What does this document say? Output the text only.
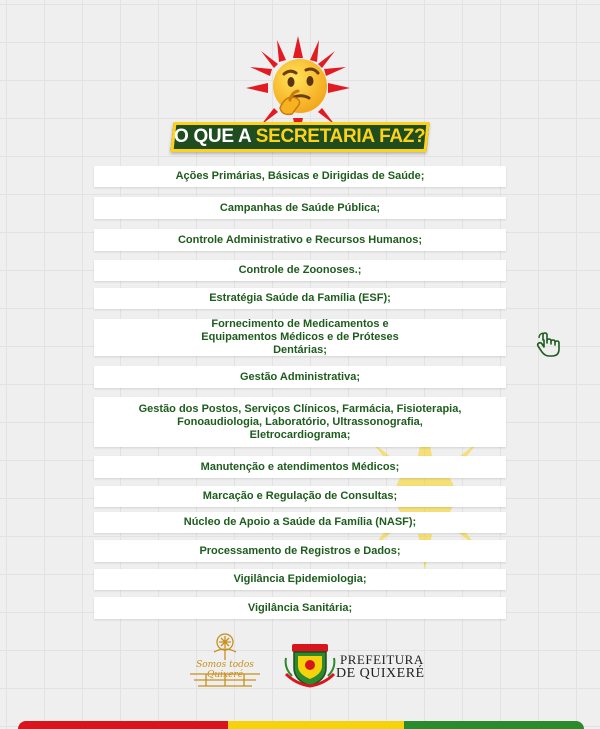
O QUE A SECRETARIA FAZ?
Ações Primárias, Básicas e Dirigidas de Saúde;
Campanhas de Saúde Pública;
Controle Administrativo e Recursos Humanos;
Controle de Zoonoses.;
Estratégia Saúde da Família (ESF);
Fornecimento de Medicamentos e Equipamentos Médicos e de Próteses Dentárias;
Gestão Administrativa;
Gestão dos Postos, Serviços Clínicos, Farmácia, Fisioterapia, Fonoaudiologia, Laboratório, Ultrassonografia, Eletrocardiograma;
Manutenção e atendimentos Médicos;
Marcação e Regulação de Consultas;
Núcleo de Apoio a Saúde da Família (NASF);
Processamento de Registros e Dados;
Vigilância Epidemiologia;
Vigilância Sanitária;
Somos todos Quixeré
PREFEITURA
DE QUIXERÉ
